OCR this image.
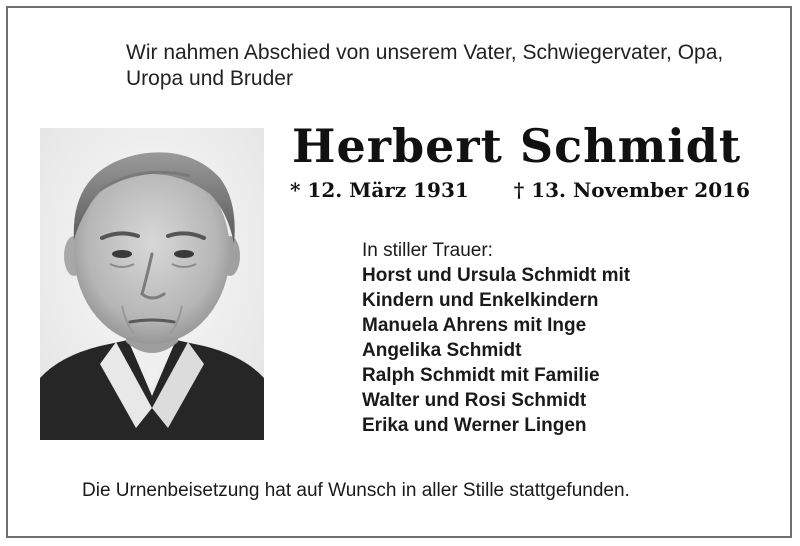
Wir nahmen Abschied von unserem Vater, Schwiegervater, Opa,
Uropa und Bruder
Herbert Schmidt
* 12. März 1931 † 13. November 2016
In stiller Trauer:
Horst und Ursula Schmidt mit
Kindern und Enkelkindern
Manuela Ahrens mit Inge
Angelika Schmidt
Ralph Schmidt mit Familie
Walter und Rosi Schmidt
Erika und Werner Lingen
Die Urnenbeisetzung hat auf Wunsch in aller Stille stattgefunden.
